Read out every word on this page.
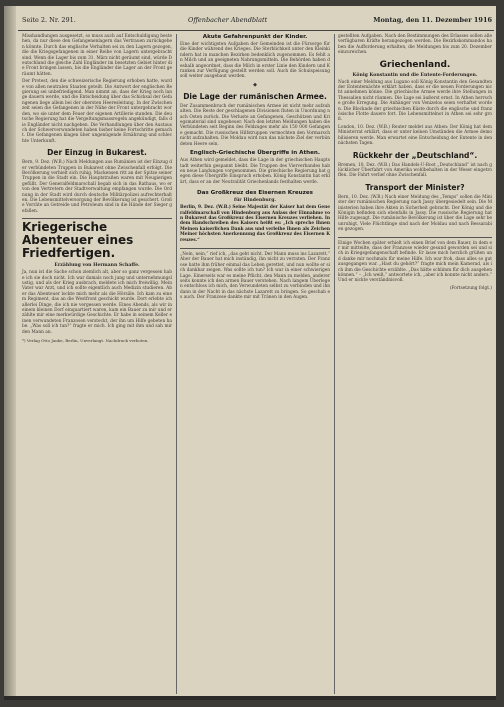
Seite 2. Nr. 291.	Offenbacher Abendblatt	Montag, den 11. Dezember 1916
Misshandlungen ausgesetzt, so muss auch auf Entschuldigung bestehen, da nur diese den Gefangenenlagern das Vertrauen zurückgeben könnte. Durch das englische Verhalten sei zu den Lagern gezogen, die die Kriegsgefangenen in einer Reihe von Lagern untergebracht sind. Wenn die Lager bis zum 31. März nicht geräumt sind, würde Deutschland die gleiche Zahl Engländer im besetzten Gebiet hinter die Front bringen lassen, bis die Engländer die Lager an der Front geräumt hätten.
Der Protest, den die schweizerische Regierung erhoben hatte, wurde von allen neutralen Staaten geteilt. Die Antwort der englischen Regierung sei unbefriedigend. Man nimmt an, dass der Krieg noch lange dauern werde, und die Entscheidung über das Schicksal der Gefangenen liege allein bei der obersten Heeresleitung. In der Zwischenzeit seien die Gefangenen in der Nähe der Front untergebracht worden, wo sie unter dem Feuer der eigenen Artillerie standen. Die deutsche Regierung hat die Vergeltungsmassregeln angekündigt, falls die Engländer nicht nachgeben. Die Verhandlungen über den Austausch der Schwerverwundeten haben bisher keine Fortschritte gemacht. Die Gefangenen klagen über ungenügende Ernährung und schlechte Unterkunft.
Der Einzug in Bukarest.
Bern, 9. Dez. (W.B.) Nach Meldungen aus Rumänien ist der Einzug der verbündeten Truppen in Bukarest ohne Zwischenfall erfolgt. Die Bevölkerung verhielt sich ruhig. Mackensen ritt an der Spitze seiner Truppen in die Stadt ein. Die Hauptstraßen waren mit Neugierigen gefüllt. Der Generalfeldmarschall begab sich in das Rathaus, wo er von den Vertretern der Stadtverwaltung empfangen wurde. Die Ordnung in der Stadt wird durch deutsche Militärpolizei aufrechterhalten. Die Lebensmittelversorgung der Bevölkerung ist gesichert. Große Vorräte an Getreide und Petroleum sind in die Hände der Sieger gefallen.
Kriegerische Abenteuer eines Friedfertigen.
Erzählung von Hermann Schaffe.
Ja, nun ist die Sache schon ziemlich alt, aber so ganz vergessen habe ich sie doch nicht. Ich war damals noch jung und unternehmungslustig, und als der Krieg ausbrach, meldete ich mich freiwillig. Mein Vater war Arzt, und ich sollte eigentlich auch Medizin studieren. Aber das Abenteuer lockte mich mehr als die Hörsäle. Ich kam zu einem Regiment, das an die Westfront geschickt wurde. Dort erlebte ich allerlei Dinge, die ich nie vergessen werde. Eines Abends, als wir in einem kleinen Dorf einquartiert waren, kam ein Bauer zu mir und erzählte mir eine merkwürdige Geschichte. Er habe in seinem Keller einen verwundeten Franzosen versteckt, der ihn um Hilfe gebeten habe. „Was soll ich tun?“ fragte er mich. Ich ging mit ihm und sah mir den Mann an.
*) Verlag Otto Janke, Berlin, Unverlangt. Nachdruck verboten.
Akute Gefahrenpunkt der Kinder.
Eine der wichtigsten Aufgaben der Gemeinden ist die Fürsorge für die Kinder während des Krieges. Die Sterblichkeit unter den Kleinkindern hat in manchen Bezirken bedenklich zugenommen. Es fehlt an Milch und an geeigneten Nahrungsmitteln. Die Behörden haben deshalb angeordnet, dass die Milch in erster Linie den Kindern und Kranken zur Verfügung gestellt werden soll. Auch die Schulspeisung soll weiter ausgebaut werden.
◆
Die Lage der rumänischen Armee.
Der Zusammenbruch der rumänischen Armee ist nicht mehr aufzuhalten. Die Reste der geschlagenen Divisionen fluten in Unordnung nach Osten zurück. Die Verluste an Gefangenen, Geschützen und Kriegsmaterial sind ungeheuer. Nach den letzten Meldungen haben die Verbündeten seit Beginn des Feldzuges mehr als 150 000 Gefangene gemacht. Die russischen Hilfstruppen vermochten den Vormarsch nicht aufzuhalten. Die Moldau wird nun das nächste Ziel der verbündeten Heere sein.
Englisch-Griechische Übergriffe in Athen.
Aus Athen wird gemeldet, dass die Lage in der griechischen Hauptstadt weiterhin gespannt bleibt. Die Truppen des Vierverbandes haben neue Landungen vorgenommen. Die griechische Regierung hat gegen diese Übergriffe Einspruch erhoben. König Konstantin hat erklärt, dass er an der Neutralität Griechenlands festhalten werde.
Das Großkreuz des Eisernen Kreuzes
für Hindenburg.
Berlin, 9. Dez. (W.B.) Seine Majestät der Kaiser hat dem Generalfeldmarschall von Hindenburg aus Anlass der Einnahme von Bukarest das Großkreuz des Eisernen Kreuzes verliehen. In dem Handschreiben des Kaisers heißt es: „Ich spreche Ihnen Meinen kaiserlichen Dank aus und verleihe Ihnen als Zeichen Meiner höchsten Anerkennung das Großkreuz des Eisernen Kreuzes.“
„Nein, nein,“ rief ich, „das geht nicht. Der Mann muss ins Lazarett.“ Aber der Bauer bat mich inständig, ihn nicht zu verraten. Der Franzose hatte ihm früher einmal das Leben gerettet, und nun wollte er sich dankbar zeigen. Was sollte ich tun? Ich war in einer schwierigen Lage. Einerseits war es meine Pflicht, den Mann zu melden, andererseits konnte ich den armen Bauer verstehen. Nach langem Überlegen entschloss ich mich, den Verwundeten selbst zu verbinden und ihn dann in der Nacht in das nächste Lazarett zu bringen. So geschah es auch. Der Franzose dankte mir mit Tränen in den Augen.
gestellten Aufgaben. Nach den Bestimmungen des Erlasses sollen alle verfügbaren Kräfte herangezogen werden. Die Bezirkskommandos haben die Aufforderung erhalten, die Meldungen bis zum 20. Dezember einzureichen.
Griechenland.
König Konstantin und die Entente-Forderungen.
Nach einer Meldung aus Lugano soll König Konstantin den Gesandten der Ententemächte erklärt haben, dass er die neuen Forderungen nicht annehmen könne. Die griechische Armee werde ihre Stellungen in Thessalien nicht räumen. Die Lage sei äußerst ernst. In Athen herrsche große Erregung. Die Anhänger von Venizelos seien verhaftet worden. Die Blockade der griechischen Küste durch die englische und französische Flotte dauere fort. Die Lebensmittelnot in Athen sei sehr groß.
London, 10. Dez. (W.B.) Reuter meldet aus Athen: Der König hat dem Ministerrat erklärt, dass er unter keinen Umständen die Armee demobilisieren werde. Man erwartet eine Entscheidung der Entente in den nächsten Tagen.
Rückkehr der „Deutschland“.
Bremen, 10. Dez. (W.B.) Das Handels-U-Boot „Deutschland“ ist nach glücklicher Überfahrt von Amerika wohlbehalten in der Weser eingetroffen. Die Fahrt verlief ohne Zwischenfall.
Transport der Minister?
Bern, 10. Dez. (W.B.) Nach einer Meldung des „Temps“ sollen die Minister der rumänischen Regierung nach Jassy übergesiedelt sein. Die Ministerien haben ihre Akten in Sicherheit gebracht. Der König und die Königin befinden sich ebenfalls in Jassy. Die russische Regierung hat Hilfe zugesagt. Die rumänische Bevölkerung ist über die Lage sehr beunruhigt. Viele Flüchtlinge sind nach der Moldau und nach Bessarabien gezogen.
Einige Wochen später erhielt ich einen Brief von dem Bauer, in dem er mir mitteilte, dass der Franzose wieder gesund geworden sei und sich in Kriegsgefangenschaft befinde. Er lasse mich herzlich grüßen und danke mir nochmals für meine Hilfe. Ich war froh, dass alles so gut ausgegangen war. „Hast du gehört?“ fragte mich mein Kamerad, als ich ihm die Geschichte erzählte. „Das hätte schlimm für dich ausgehen können.“ – „Ich weiß,“ antwortete ich, „aber ich konnte nicht anders.“ Und er nickte verständnisvoll.
(Fortsetzung folgt.)
